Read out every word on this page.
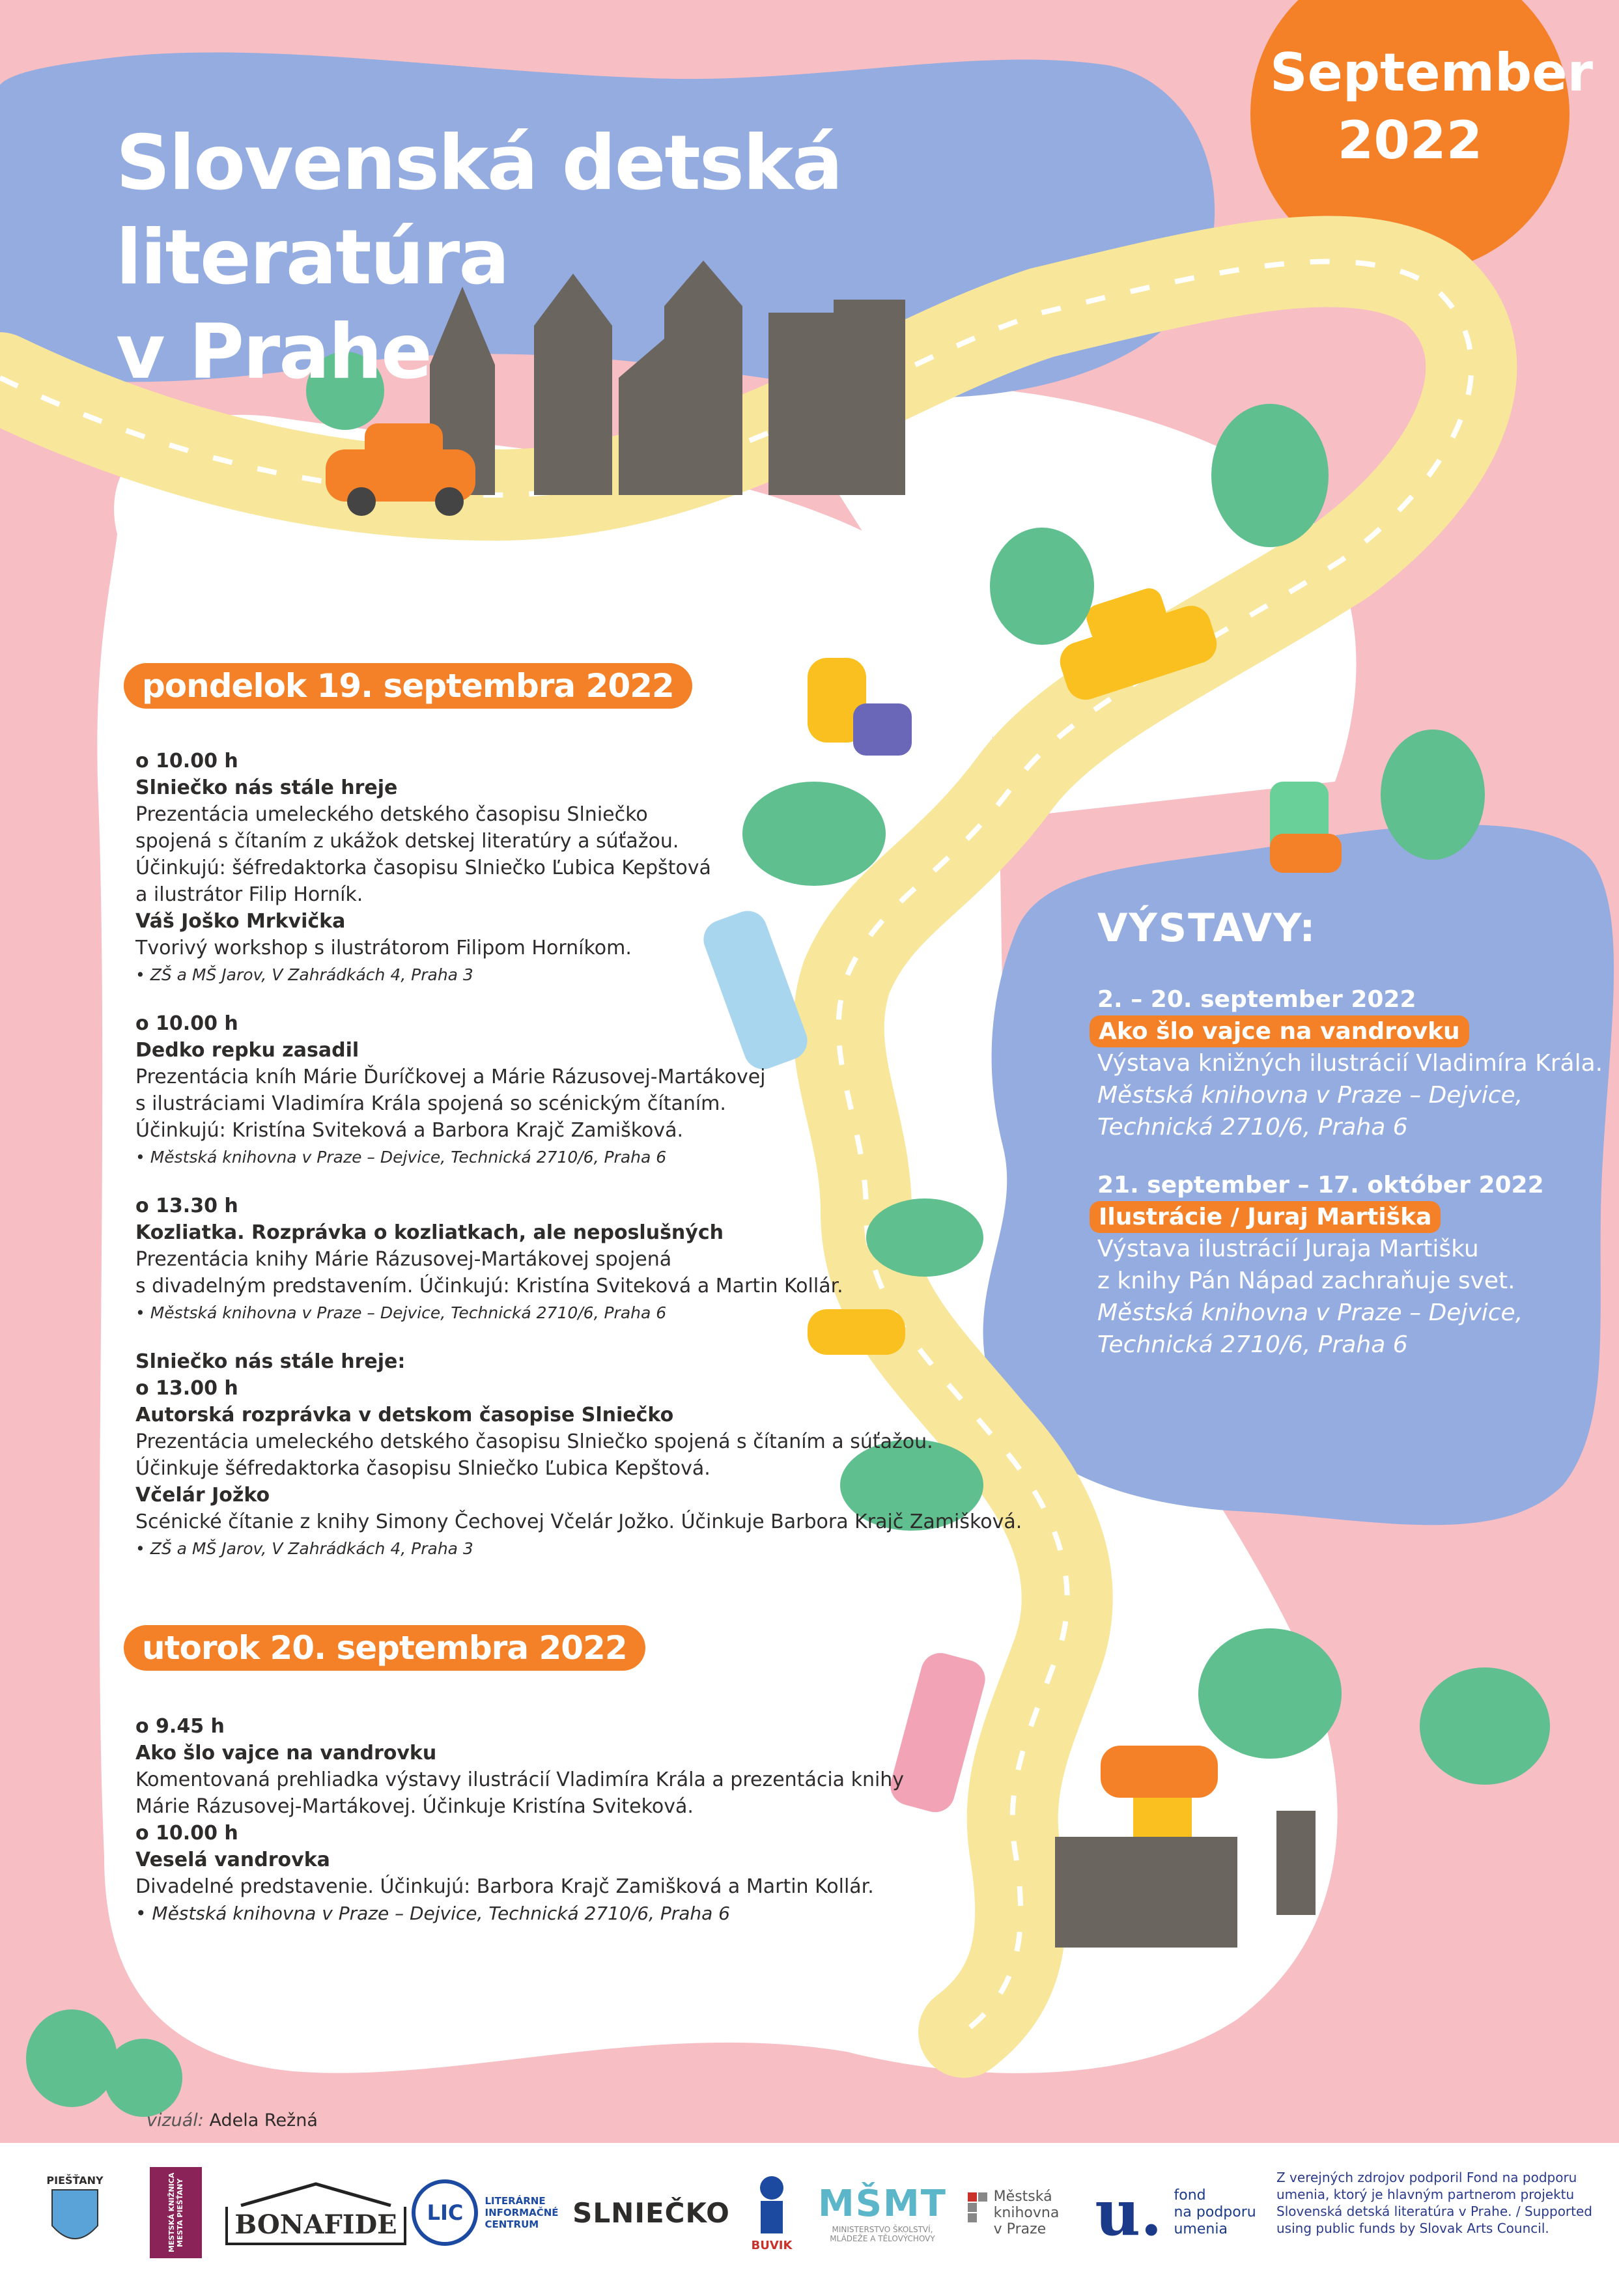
Slovenská detská literatúra
v Prahe
September
2022
pondelok 19. septembra 2022
o 10.00 h
Slniečko nás stále hreje
Prezentácia umeleckého detského časopisu Slniečko
spojená s čítaním z ukážok detskej literatúry a súťažou.
Účinkujú: šéfredaktorka časopisu Slniečko Ľubica Kepštová
a ilustrátor Filip Horník.
Váš Joško Mrkvička
Tvorivý workshop s ilustrátorom Filipom Horníkom.
• ZŠ a MŠ Jarov, V Zahrádkách 4, Praha 3
o 10.00 h
Dedko repku zasadil
Prezentácia kníh Márie Ďuríčkovej a Márie Rázusovej-Martákovej
s ilustráciami Vladimíra Krála spojená so scénickým čítaním.
Účinkujú: Kristína Sviteková a Barbora Krajč Zamišková.
• Městská knihovna v Praze – Dejvice, Technická 2710/6, Praha 6
o 13.30 h
Kozliatka. Rozprávka o kozliatkach, ale neposlušných
Prezentácia knihy Márie Rázusovej-Martákovej spojená
s divadelným predstavením. Účinkujú: Kristína Sviteková a Martin Kollár.
• Městská knihovna v Praze – Dejvice, Technická 2710/6, Praha 6
Slniečko nás stále hreje:
o 13.00 h
Autorská rozprávka v detskom časopise Slniečko
Prezentácia umeleckého detského časopisu Slniečko spojená s čítaním a súťažou.
Účinkuje šéfredaktorka časopisu Slniečko Ľubica Kepštová.
Včelár Jožko
Scénické čítanie z knihy Simony Čechovej Včelár Jožko. Účinkuje Barbora Krajč Zamišková.
• ZŠ a MŠ Jarov, V Zahrádkách 4, Praha 3
utorok 20. septembra 2022
o 9.45 h
Ako šlo vajce na vandrovku
Komentovaná prehliadka výstavy ilustrácií Vladimíra Krála a prezentácia knihy
Márie Rázusovej-Martákovej. Účinkuje Kristína Sviteková.
o 10.00 h
Veselá vandrovka
Divadelné predstavenie. Účinkujú: Barbora Krajč Zamišková a Martin Kollár.
• Městská knihovna v Praze – Dejvice, Technická 2710/6, Praha 6
VÝSTAVY:
2. – 20. september 2022
Ako šlo vajce na vandrovku
Výstava knižných ilustrácií Vladimíra Krála.
Městská knihovna v Praze – Dejvice,
Technická 2710/6, Praha 6
21. september – 17. október 2022
Ilustrácie / Juraj Martiška
Výstava ilustrácií Juraja Martišku
z knihy Pán Nápad zachraňuje svet.
Městská knihovna v Praze – Dejvice,
Technická 2710/6, Praha 6
vizuál: Adela Režná
PIEŠŤANY	MESTSKÁ KNIŽNICA MESTA PIEŠŤANY	BONAFIDE	LIC	LITERÁRNE
INFORMAČNÉ
CENTRUM	SLNIEČKO
BUVIK
MŠMT
MINISTERSTVO ŠKOLSTVÍ,
MLÁDEŽE A TĚLOVÝCHOVY
Městská
knihovna
v Praze u. fond
na podporu
umenia
Z verejných zdrojov podporil Fond na podporu umenia, ktorý je hlavným partnerom projektu Slovenská detská literatúra v Prahe. / Supported using public funds by Slovak Arts Council.
